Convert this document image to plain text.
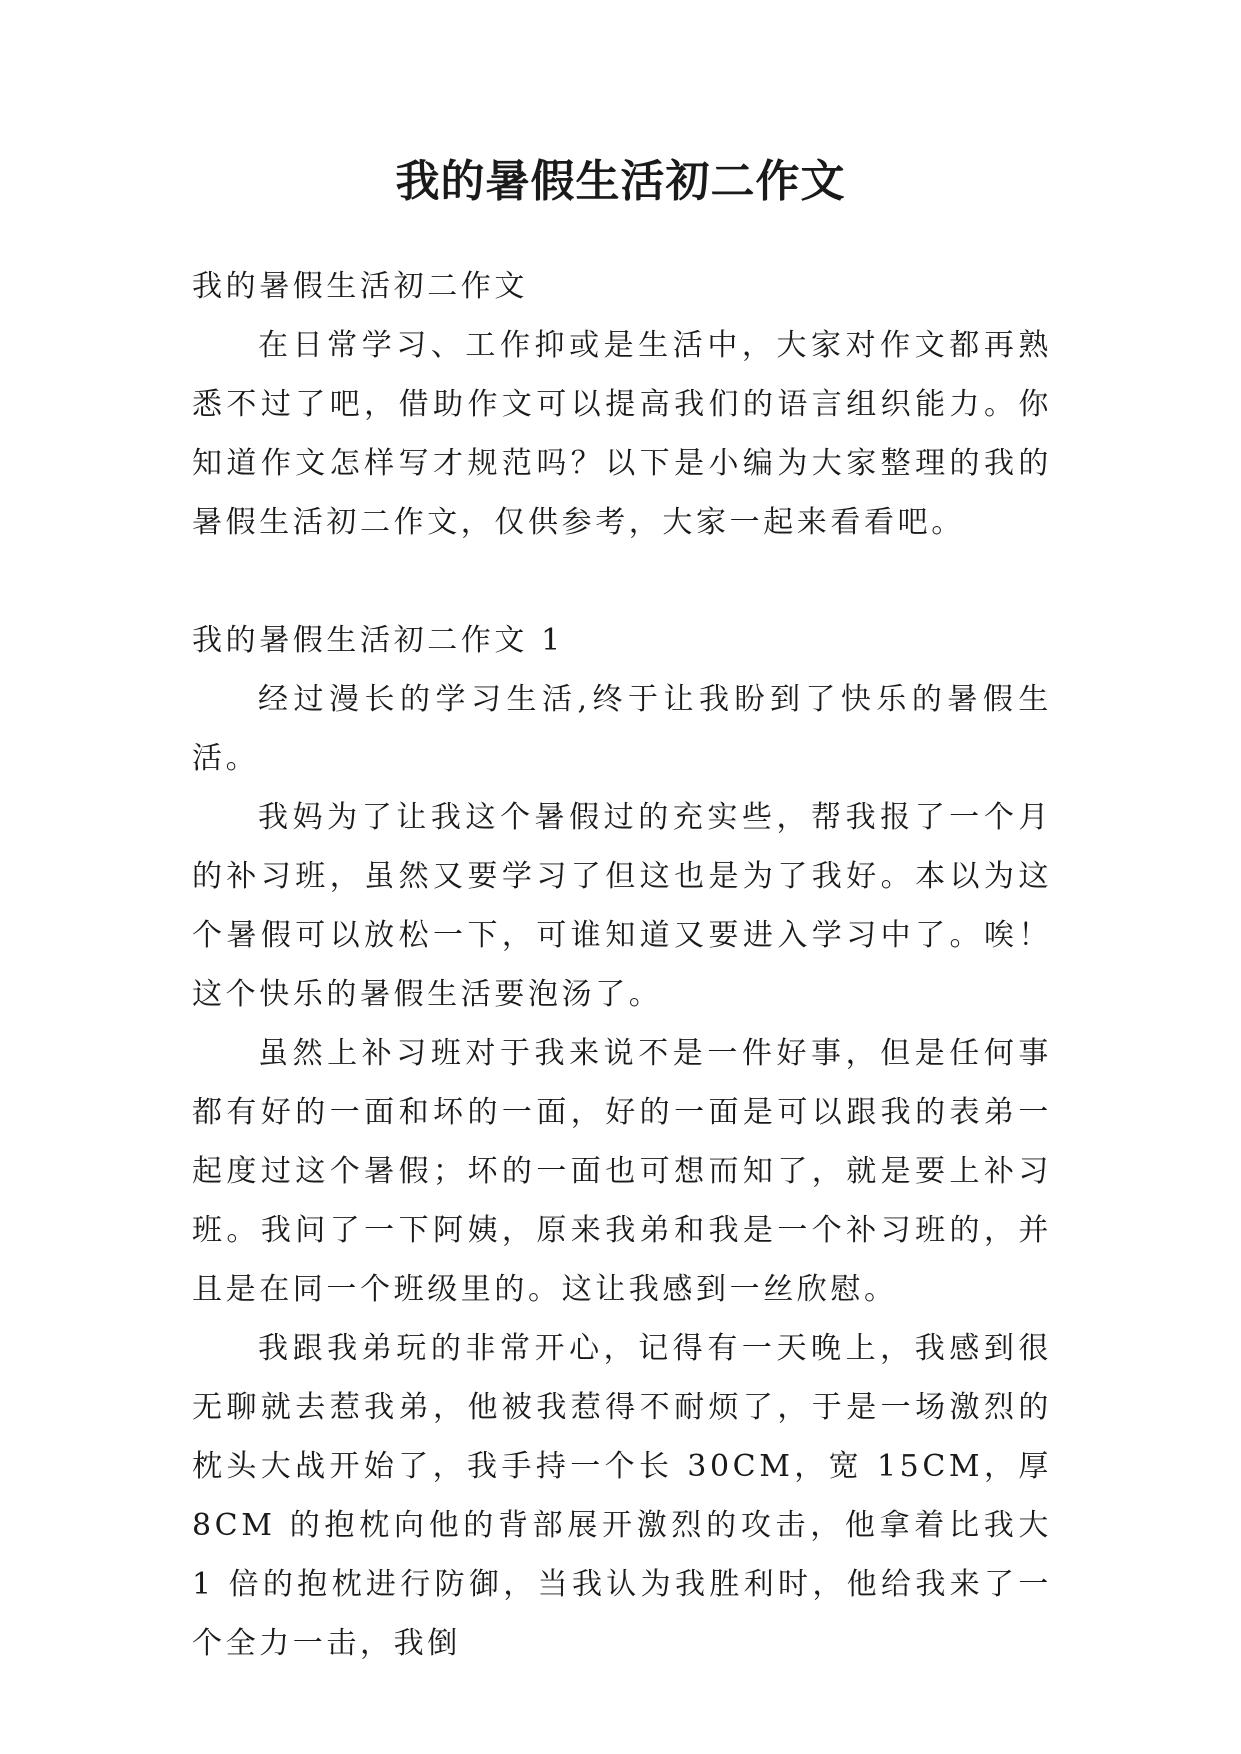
我的暑假生活初二作文

我的暑假生活初二作文

在日常学习、工作抑或是生活中，大家对作文都再熟悉不过了吧，借助作文可以提高我们的语言组织能力。你知道作文怎样写才规范吗？以下是小编为大家整理的我的暑假生活初二作文，仅供参考，大家一起来看看吧。

我的暑假生活初二作文 1

经过漫长的学习生活,终于让我盼到了快乐的暑假生活。

我妈为了让我这个暑假过的充实些，帮我报了一个月的补习班，虽然又要学习了但这也是为了我好。本以为这个暑假可以放松一下，可谁知道又要进入学习中了。唉！这个快乐的暑假生活要泡汤了。

虽然上补习班对于我来说不是一件好事，但是任何事都有好的一面和坏的一面，好的一面是可以跟我的表弟一起度过这个暑假；坏的一面也可想而知了，就是要上补习班。我问了一下阿姨，原来我弟和我是一个补习班的，并且是在同一个班级里的。这让我感到一丝欣慰。

我跟我弟玩的非常开心，记得有一天晚上，我感到很无聊就去惹我弟，他被我惹得不耐烦了，于是一场激烈的枕头大战开始了，我手持一个长 30CM，宽 15CM，厚 8CM 的抱枕向他的背部展开激烈的攻击，他拿着比我大 1 倍的抱枕进行防御，当我认为我胜利时，他给我来了一个全力一击，我倒
